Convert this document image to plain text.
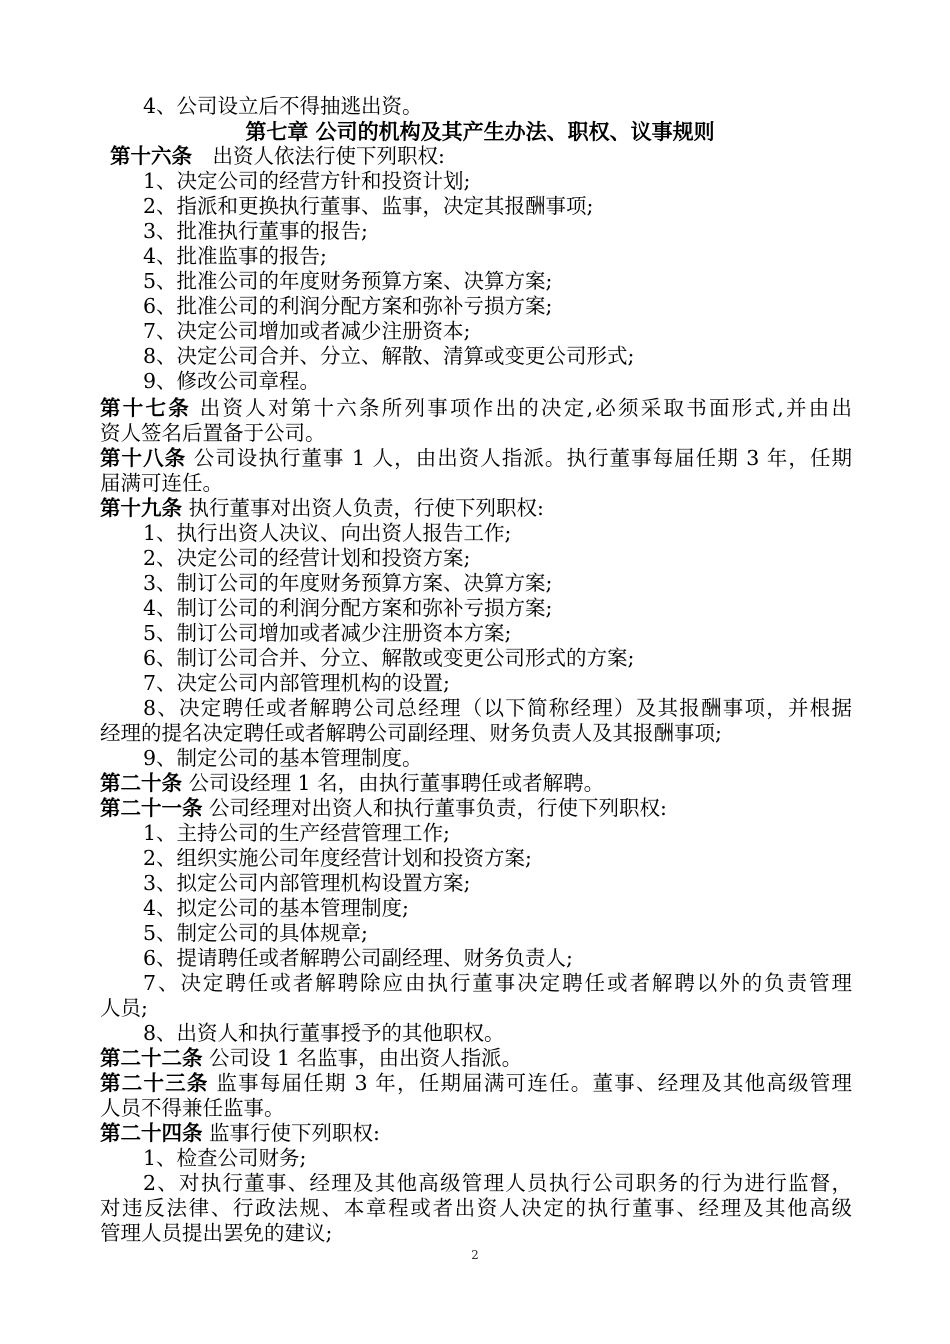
4、公司设立后不得抽逃出资。
第七章 公司的机构及其产生办法、职权、议事规则
第十六条  出资人依法行使下列职权:
1、决定公司的经营方针和投资计划;
2、指派和更换执行董事、监事，决定其报酬事项;
3、批准执行董事的报告;
4、批准监事的报告;
5、批准公司的年度财务预算方案、决算方案;
6、批准公司的利润分配方案和弥补亏损方案;
7、决定公司增加或者减少注册资本;
8、决定公司合并、分立、解散、清算或变更公司形式;
9、修改公司章程。
第十七条 出资人对第十六条所列事项作出的决定,必须采取书面形式,并由出
资人签名后置备于公司。
第十八条 公司设执行董事 1 人，由出资人指派。执行董事每届任期 3 年，任期
届满可连任。
第十九条 执行董事对出资人负责，行使下列职权:
1、执行出资人决议、向出资人报告工作;
2、决定公司的经营计划和投资方案;
3、制订公司的年度财务预算方案、决算方案;
4、制订公司的利润分配方案和弥补亏损方案;
5、制订公司增加或者减少注册资本方案;
6、制订公司合并、分立、解散或变更公司形式的方案;
7、决定公司内部管理机构的设置;
8、决定聘任或者解聘公司总经理（以下简称经理）及其报酬事项，并根据
经理的提名决定聘任或者解聘公司副经理、财务负责人及其报酬事项;
9、制定公司的基本管理制度。
第二十条 公司设经理 1 名，由执行董事聘任或者解聘。
第二十一条 公司经理对出资人和执行董事负责，行使下列职权:
1、主持公司的生产经营管理工作;
2、组织实施公司年度经营计划和投资方案;
3、拟定公司内部管理机构设置方案;
4、拟定公司的基本管理制度;
5、制定公司的具体规章;
6、提请聘任或者解聘公司副经理、财务负责人;
7、决定聘任或者解聘除应由执行董事决定聘任或者解聘以外的负责管理
人员;
8、出资人和执行董事授予的其他职权。
第二十二条 公司设 1 名监事，由出资人指派。
第二十三条 监事每届任期 3 年，任期届满可连任。董事、经理及其他高级管理
人员不得兼任监事。
第二十四条 监事行使下列职权:
1、检查公司财务;
2、对执行董事、经理及其他高级管理人员执行公司职务的行为进行监督，
对违反法律、行政法规、本章程或者出资人决定的执行董事、经理及其他高级
管理人员提出罢免的建议;
2
